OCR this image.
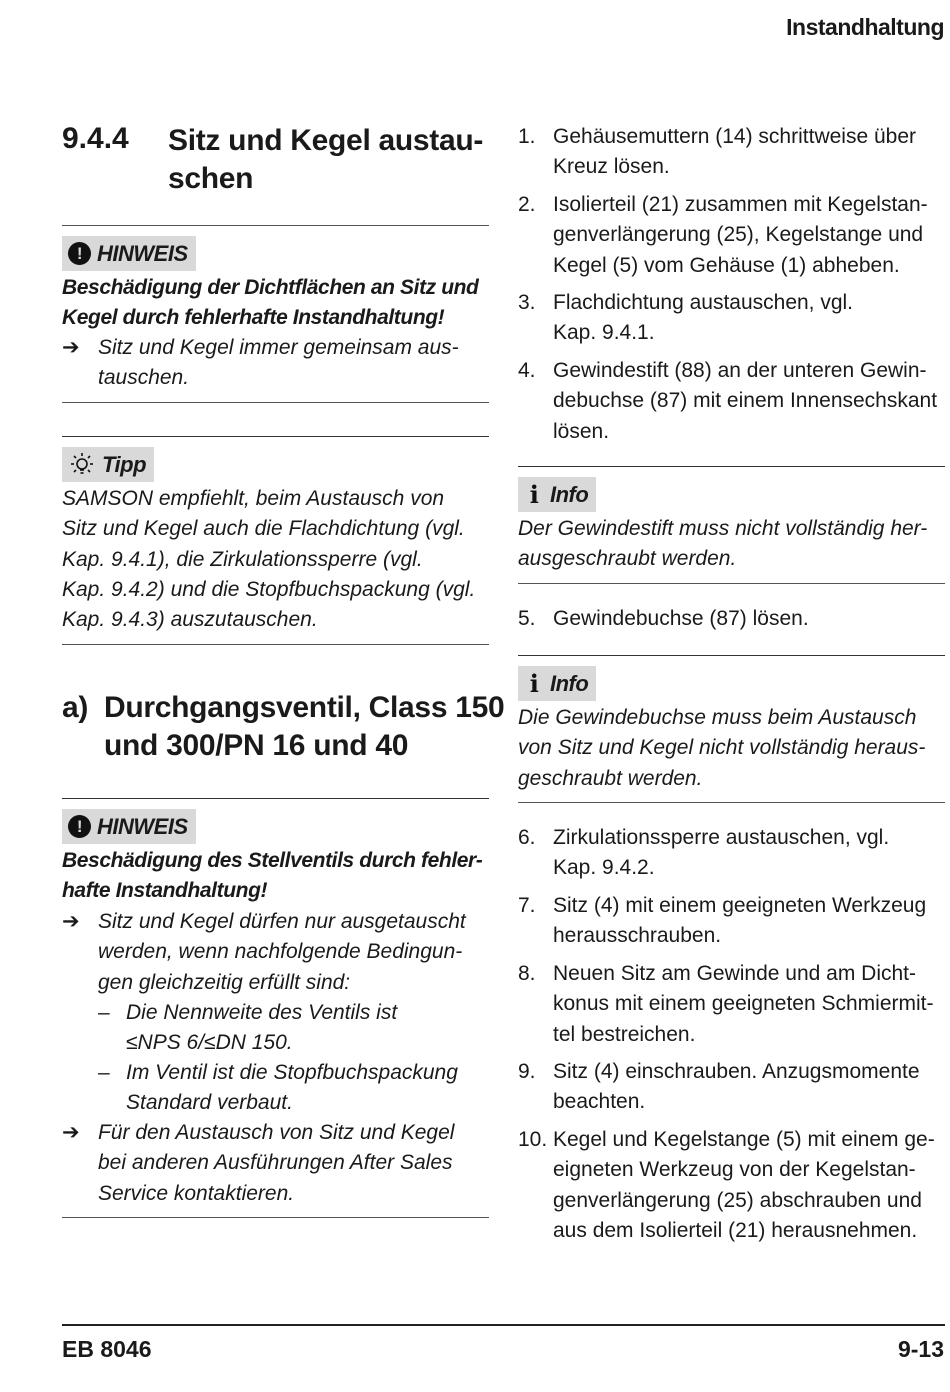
Instandhaltung
9.4.4 Sitz und Kegel austau-
schen
! HINWEIS
Beschädigung der Dichtflächen an Sitz und
Kegel durch fehlerhafte Instandhaltung!
➔ Sitz und Kegel immer gemeinsam aus-
tauschen.
Tipp
SAMSON empfiehlt, beim Austausch von
Sitz und Kegel auch die Flachdichtung (vgl.
Kap. 9.4.1), die Zirkulationssperre (vgl.
Kap. 9.4.2) und die Stopfbuchspackung (vgl.
Kap. 9.4.3) auszutauschen.
a) Durchgangsventil, Class 150
und 300/PN 16 und 40
! HINWEIS
Beschädigung des Stellventils durch fehler-
hafte Instandhaltung!
➔ Sitz und Kegel dürfen nur ausgetauscht
werden, wenn nachfolgende Bedingun-
gen gleichzeitig erfüllt sind:
– Die Nennweite des Ventils ist
≤NPS 6/≤DN 150.
– Im Ventil ist die Stopfbuchspackung
Standard verbaut.
➔ Für den Austausch von Sitz und Kegel
bei anderen Ausführungen After Sales
Service kontaktieren.
1. Gehäusemuttern (14) schrittweise über
Kreuz lösen.
2. Isolierteil (21) zusammen mit Kegelstan-
genverlängerung (25), Kegelstange und
Kegel (5) vom Gehäuse (1) abheben.
3. Flachdichtung austauschen, vgl.
Kap. 9.4.1.
4. Gewindestift (88) an der unteren Gewin-
debuchse (87) mit einem Innensechskant
lösen.
i Info
Der Gewindestift muss nicht vollständig her-
ausgeschraubt werden.
5. Gewindebuchse (87) lösen.
i Info
Die Gewindebuchse muss beim Austausch
von Sitz und Kegel nicht vollständig heraus-
geschraubt werden.
6. Zirkulationssperre austauschen, vgl.
Kap. 9.4.2.
7. Sitz (4) mit einem geeigneten Werkzeug
herausschrauben.
8. Neuen Sitz am Gewinde und am Dicht-
konus mit einem geeigneten Schmiermit-
tel bestreichen.
9. Sitz (4) einschrauben. Anzugsmomente
beachten.
10. Kegel und Kegelstange (5) mit einem ge-
eigneten Werkzeug von der Kegelstan-
genverlängerung (25) abschrauben und
aus dem Isolierteil (21) herausnehmen.
EB 8046	9-13
